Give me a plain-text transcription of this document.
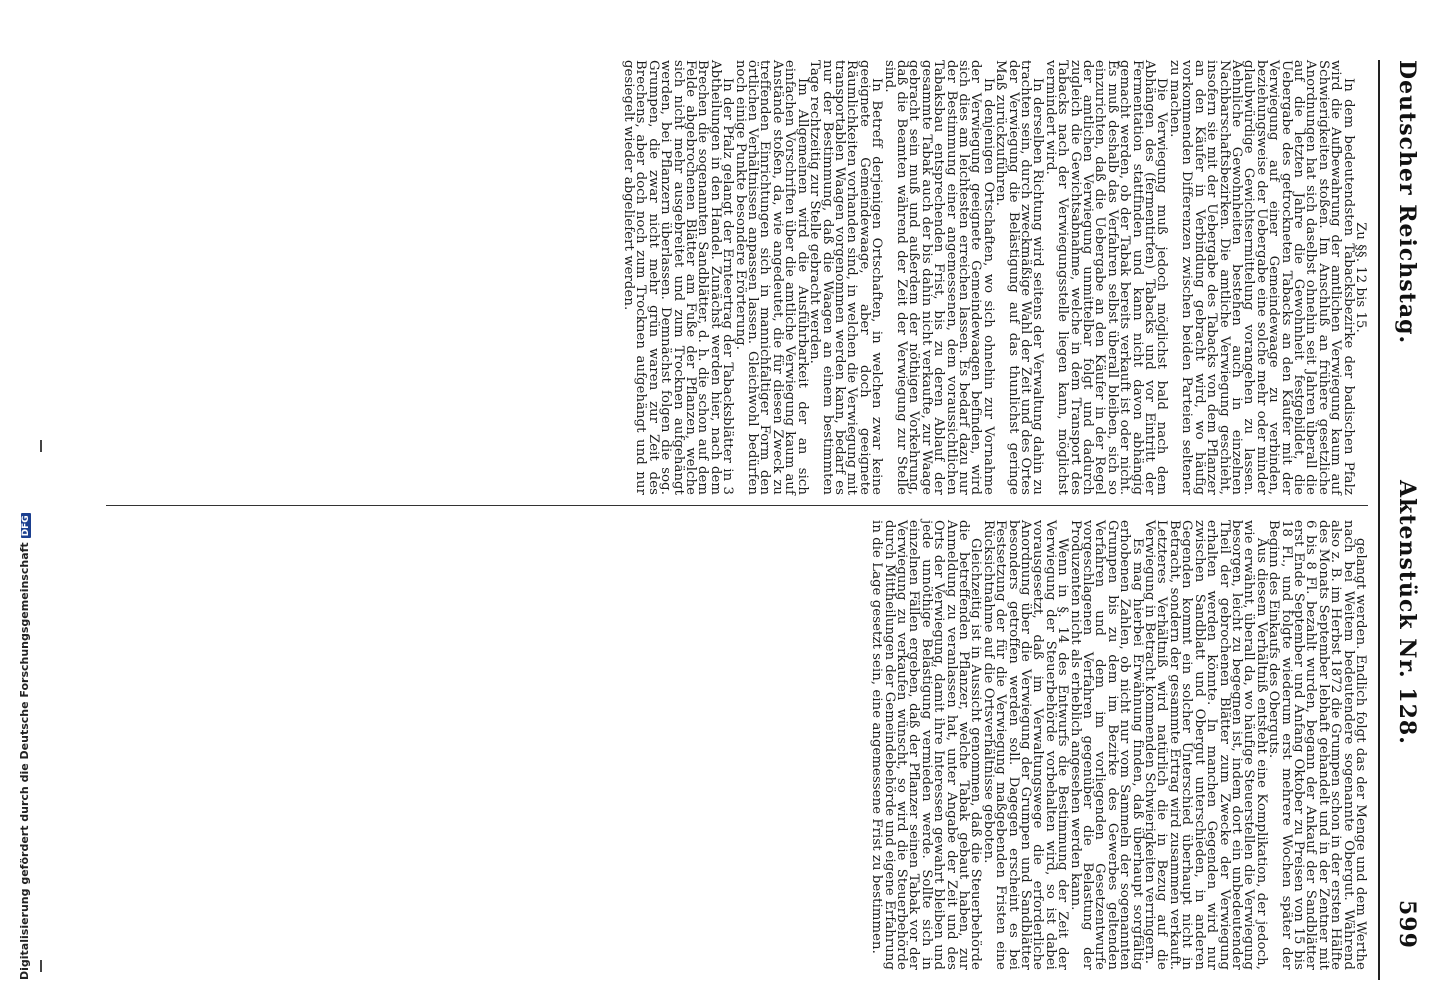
Deutscher Reichstag.Aktenstück Nr. 128.599

Zu §§. 12 bis 15.

In dem bedeutendsten Tabacksbezirke der badischen Pfalz wird die Aufbewahrung der amtlichen Verwiegung kaum auf Schwierigkeiten stoßen. Im Anschluß an frühere gesetzliche Anordnungen hat sich daselbst ohnehin seit Jahren überall die auf die letzten Jahre die Gewohnheit festgebildet, die Uebergabe des getrockneten Tabacks an den Käufer mit der Verwiegung auf einer Gemeindewaage zu verbinden, beziehungsweise der Uebergabe eine solche mehr oder minder glaubwürdige Gewichtsermittelung vorangehen zu lassen. Aehnliche Gewohnheiten bestehen auch in einzelnen Nachbarschaftsbezirken. Die amtliche Verwiegung geschieht, insofern sie mit der Uebergabe des Tabacks von dem Pflanzer an den Käufer in Verbindung gebracht wird, wo häufig vorkommenden Differenzen zwischen beiden Parteien seltener zu machen.

Die Verwiegung muß jedoch möglichst bald nach dem Abhängen des (fermentirten) Tabacks und vor Eintritt der Fermentation stattfinden und kann nicht davon abhängig gemacht werden, ob der Tabak bereits verkauft ist oder nicht. Es muß deshalb das Verfahren selbst überall bleiben, sich so einzurichten, daß die Uebergabe an den Käufer in der Regel der amtlichen Verwiegung unmittelbar folgt und dadurch zugleich die Gewichtsabnahme, welche in dem Transport des Tabacks nach der Verwiegungsstelle liegen kann, möglichst vermindert wird.

In derselben Richtung wird seitens der Verwaltung dahin zu trachten sein, durch zweckmäßige Wahl der Zeit und des Ortes der Verwiegung die Belästigung auf das thunlichst geringe Maß zurückzuführen.

In denjenigen Ortschaften, wo sich ohnehin zur Vornahme der Verwiegung geeignete Gemeindewaagen befinden, wird sich dies am leichtesten erreichen lassen. Es bedarf dazu nur der Bestimmung einer angemessenen, dem voraussichtlichen Tabaksbau entsprechenden Frist, bis zu deren Ablauf der gesammte Tabak auch der bis dahin nicht verkaufte, zur Waage gebracht sein muß und außerdem der nöthigen Vorkehrung, daß die Beamten während der Zeit der Verwiegung zur Stelle sind.

In Betreff derjenigen Ortschaften, in welchen zwar keine geeignete Gemeindewaage, aber doch geeignete Räumlichkeiten vorhanden sind, in welchen die Verwiegung mit transportablen Waagen vorgenommen werden kann, bedarf es nur der Bestimmung, daß die Waagen an einem bestimmten Tage rechtzeitig zur Stelle gebracht werden.

Im Allgemeinen wird die Ausführbarkeit der an sich einfachen Vorschriften über die amtliche Verwiegung kaum auf Anstände stoßen, da, wie angedeutet, die für diesen Zweck zu treffenden Einrichtungen sich in mannichfaltiger Form den örtlichen Verhältnissen anpassen lassen. Gleichwohl bedürfen noch einige Punkte besondere Erörterung.

In der Pfalz gelangt der Ernteertrag der Tabacksblätter in 3 Abtheilungen in den Handel. Zunächst werden hier, nach dem Brechen die sogenannten Sandblätter, d. h. die schon auf dem Felde abgebrochenen Blätter am Fuße der Pflanzen, welche sich nicht mehr ausgebreitet und zum Trocknen aufgehängt werden, bei Pflanzern überlassen. Demnächst folgen die sog. Grumpen, die zwar nicht mehr grün waren zur Zeit des Brechens, aber doch noch zum Trocknen aufgehängt und nur gesiegelt wieder abgeliefert werden.

gelangt werden. Endlich folgt das der Menge und dem Werthe nach bei Weitem bedeutendere sogenannte Obergut. Während also z. B. im Herbst 1872 die Grumpen schon in der ersten Hälfte des Monats September lebhaft gehandelt und in der Zentner mit 6 bis 8 Fl. bezahlt wurden, begann der Ankauf der Sandblätter erst Ende September und Anfang Oktober zu Preisen von 15 bis 18 Fl., und folgte wiederum erst mehrere Wochen später der Beginn des Einkaufs des Oberguts.

Aus diesem Verhältniß entsteht eine Komplikation, der jedoch, wie erwähnt, überall da, wo häufige Steuerstellen die Verwiegung besorgen, leicht zu begegnen ist, indem dort ein unbedeutender Theil der gebrochenen Blätter zum Zwecke der Verwiegung erhalten werden könnte. In manchen Gegenden wird nur zwischen Sandblatt und Obergut unterschieden, in anderen Gegenden kommt ein solcher Unterschied überhaupt nicht in Betracht, sondern der gesammte Ertrag wird zusammen verkauft. Letzteres Verhältniß wird natürlich die in Bezug auf die Verwiegung in Betracht kommenden Schwierigkeiten verringern.

Es mag hierbei Erwähnung finden, daß überhaupt sorgfältig erhobenen Zahlen, ob nicht nur vom Sammeln der sogenannten Grumpen bis zu dem im Bezirke des Gewerbes geltenden Verfahren und dem im vorliegenden Gesetzentwurfe vorgeschlagenen Verfahren gegenüber die Belastung der Produzenten nicht als erheblich angesehen werden kann.

Wenn in §. 14 des Entwurfs die Bestimmung der Zeit der Verwiegung der Steuerbehörde vorbehalten wird, so ist dabei vorausgesetzt, daß im Verwaltungswege die erforderliche Anordnung über die Verwiegung der Grumpen und Sandblätter besonders getroffen werden soll. Dagegen erscheint es bei Festsetzung der für die Verwiegung maßgebenden Fristen eine Rücksichtnahme auf die Ortsverhältnisse geboten.

Gleichzeitig ist in Aussicht genommen, daß die Steuerbehörde die betreffenden Pflanzer, welche Tabak gebaut haben, zur Anmeldung zu veranlassen hat, unter Angabe der Zeit und des Orts der Verwiegung, damit ihre Interessen gewahrt bleiben und jede unnöthige Belästigung vermieden werde. Sollte sich in einzelnen Fällen ergeben, daß der Pflanzer seinen Tabak vor der Verwiegung zu verkaufen wünscht, so wird die Steuerbehörde durch Mittheilungen der Gemeindebehörde und eigene Erfahrung in die Lage gesetzt sein, eine angemessene Frist zu bestimmen.

Digitalisierung gefördert durch die Deutsche ForschungsgemeinschaftDFG
